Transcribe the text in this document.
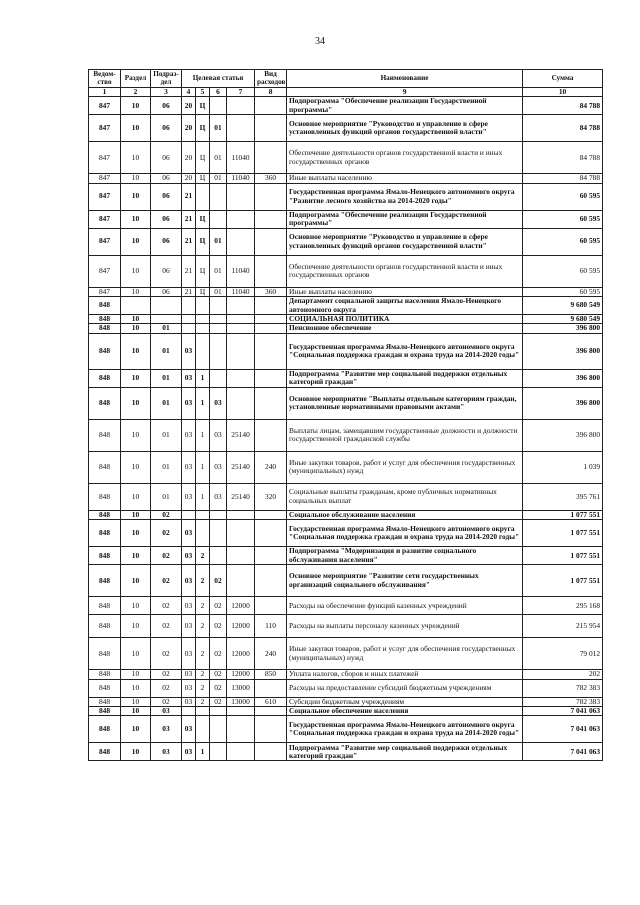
34
Ведом-ство	Раздел	Подраз-дел	Целевая статья				Вид расходов	Наименование	Сумма
1	2	3	4	5	6	7	8	9	10
847	10	06	20	Ц				Подпрограмма "Обеспечение реализации Государственной программы"	84 788
847	10	06	20	Ц	01			Основное мероприятие "Руководство и управление в сфере установленных функций органов государственной власти"	84 788
847	10	06	20	Ц	01	11040		Обеспечение деятельности органов государственной власти и иных государственных органов	84 788
847	10	06	20	Ц	01	11040	360	Иные выплаты населению	84 788
847	10	06	21					Государственная программа Ямало-Ненецкого автономного округа "Развитие лесного хозяйства на 2014-2020 годы"	60 595
847	10	06	21	Ц				Подпрограмма "Обеспечение реализации Государственной программы"	60 595
847	10	06	21	Ц	01			Основное мероприятие "Руководство и управление в сфере установленных функций органов государственной власти"	60 595
847	10	06	21	Ц	01	11040		Обеспечение деятельности органов государственной власти и иных государственных органов	60 595
847	10	06	21	Ц	01	11040	360	Иные выплаты населению	60 595
848								Департамент социальной защиты населения Ямало-Ненецкого автономного округа	9 680 549
848	10							СОЦИАЛЬНАЯ ПОЛИТИКА	9 680 549
848	10	01						Пенсионное обеспечение	396 800
848	10	01	03					Государственная программа Ямало-Ненецкого автономного округа "Социальная поддержка граждан и охрана труда на 2014-2020 годы"	396 800
848	10	01	03	1				Подпрограмма "Развитие мер социальной поддержки отдельных категорий граждан"	396 800
848	10	01	03	1	03			Основное мероприятие "Выплаты отдельным категориям граждан, установленные нормативными правовыми актами"	396 800
848	10	01	03	1	03	25140		Выплаты лицам, замещавшим государственные должности и должности государственной гражданской службы	396 800
848	10	01	03	1	03	25140	240	Иные закупки товаров, работ и услуг для обеспечения государственных (муниципальных) нужд	1 039
848	10	01	03	1	03	25140	320	Социальные выплаты гражданам, кроме публичных нормативных социальных выплат	395 761
848	10	02						Социальное обслуживание населения	1 077 551
848	10	02	03					Государственная программа Ямало-Ненецкого автономного округа "Социальная поддержка граждан и охрана труда на 2014-2020 годы"	1 077 551
848	10	02	03	2				Подпрограмма "Модернизация и развитие социального обслуживания населения"	1 077 551
848	10	02	03	2	02			Основное мероприятие "Развитие сети государственных организаций социального обслуживания"	1 077 551
848	10	02	03	2	02	12000		Расходы на обеспечение функций казенных учреждений	295 168
848	10	02	03	2	02	12000	110	Расходы на выплаты персоналу казенных учреждений	215 954
848	10	02	03	2	02	12000	240	Иные закупки товаров, работ и услуг для обеспечения государственных (муниципальных) нужд	79 012
848	10	02	03	2	02	12000	850	Уплата налогов, сборов и иных платежей	202
848	10	02	03	2	02	13000		Расходы на предоставление субсидий бюджетным учреждениям	782 383
848	10	02	03	2	02	13000	610	Субсидии бюджетным учреждениям	782 383
848	10	03						Социальное обеспечение населения	7 041 063
848	10	03	03					Государственная программа Ямало-Ненецкого автономного округа "Социальная поддержка граждан и охрана труда на 2014-2020 годы"	7 041 063
848	10	03	03	1				Подпрограмма "Развитие мер социальной поддержки отдельных категорий граждан"	7 041 063
